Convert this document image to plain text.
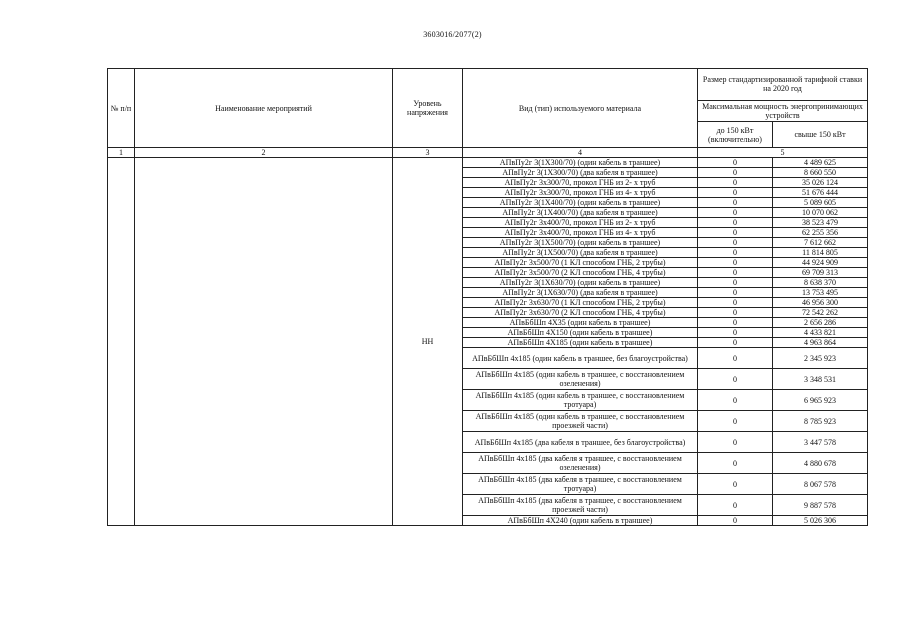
3603016/2077(2)
№ п/п	Наименование мероприятий	Уровень напряжения	Вид (тип) используемого материала	Размер стандартизированной тарифной ставки на 2020 год	
				Максимальная мощность энергопринимающих устройств	
				до 150 кВт (включительно)	свыше 150 кВт
1	2	3	4	5	
		НН	АПвПу2г 3(1Х300/70) (один кабель в траншее)	0	4 489 625
			АПвПу2г 3(1Х300/70) (два кабеля в траншее)	0	8 660 550
			АПвПу2г 3х300/70, прокол ГНБ из 2- х труб	0	35 026 124
			АПвПу2г 3х300/70, прокол ГНБ из 4- х труб	0	51 676 444
			АПвПу2г 3(1Х400/70) (один кабель в траншее)	0	5 089 605
			АПвПу2г 3(1Х400/70) (два кабеля в траншее)	0	10 070 062
			АПвПу2г 3х400/70, прокол ГНБ из 2- х труб	0	38 523 479
			АПвПу2г 3х400/70, прокол ГНБ из 4- х труб	0	62 255 356
			АПвПу2г 3(1Х500/70) (один кабель в траншее)	0	7 612 662
			АПвПу2г 3(1Х500/70) (два кабеля в траншее)	0	11 814 805
			АПвПу2г 3х500/70 (1 КЛ способом ГНБ, 2 трубы)	0	44 924 909
			АПвПу2г 3х500/70 (2 КЛ способом ГНБ, 4 трубы)	0	69 709 313
			АПвПу2г 3(1Х630/70) (один кабель в траншее)	0	8 638 370
			АПвПу2г 3(1Х630/70) (два кабеля в траншее)	0	13 753 495
			АПвПу2г 3х630/70 (1 КЛ способом ГНБ, 2 трубы)	0	46 956 300
			АПвПу2г 3х630/70 (2 КЛ способом ГНБ, 4 трубы)	0	72 542 262
			АПвБбШп 4Х35 (один кабель в траншее)	0	2 656 286
			АПвБбШп 4Х150 (один кабель в траншее)	0	4 433 821
			АПвБбШп 4Х185 (один кабель в траншее)	0	4 963 864
			АПвБбШп 4х185 (один кабель в траншее, без благоустройства)	0	2 345 923
			АПвБбШп 4х185 (один кабель в траншее, с восстановлением озеленения)	0	3 348 531
			АПвБбШп 4х185 (один кабель в траншее, с восстановлением тротуара)	0	6 965 923
			АПвБбШп 4х185 (один кабель в траншее, с восстановлением проезжей части)	0	8 785 923
			АПвБбШп 4х185 (два кабеля в траншее, без благоустройства)	0	3 447 578
			АПвБбШп 4х185 (два кабеля я траншее, с восстановлением озеленения)	0	4 880 678
			АПвБбШп 4х185 (два кабеля в траншее, с восстановлением тротуара)	0	8 067 578
			АПвБбШп 4х185 (два кабеля в траншее, с восстановлением проезжей части)	0	9 887 578
			АПвБбШп 4Х240 (один кабель в траншее)	0	5 026 306
